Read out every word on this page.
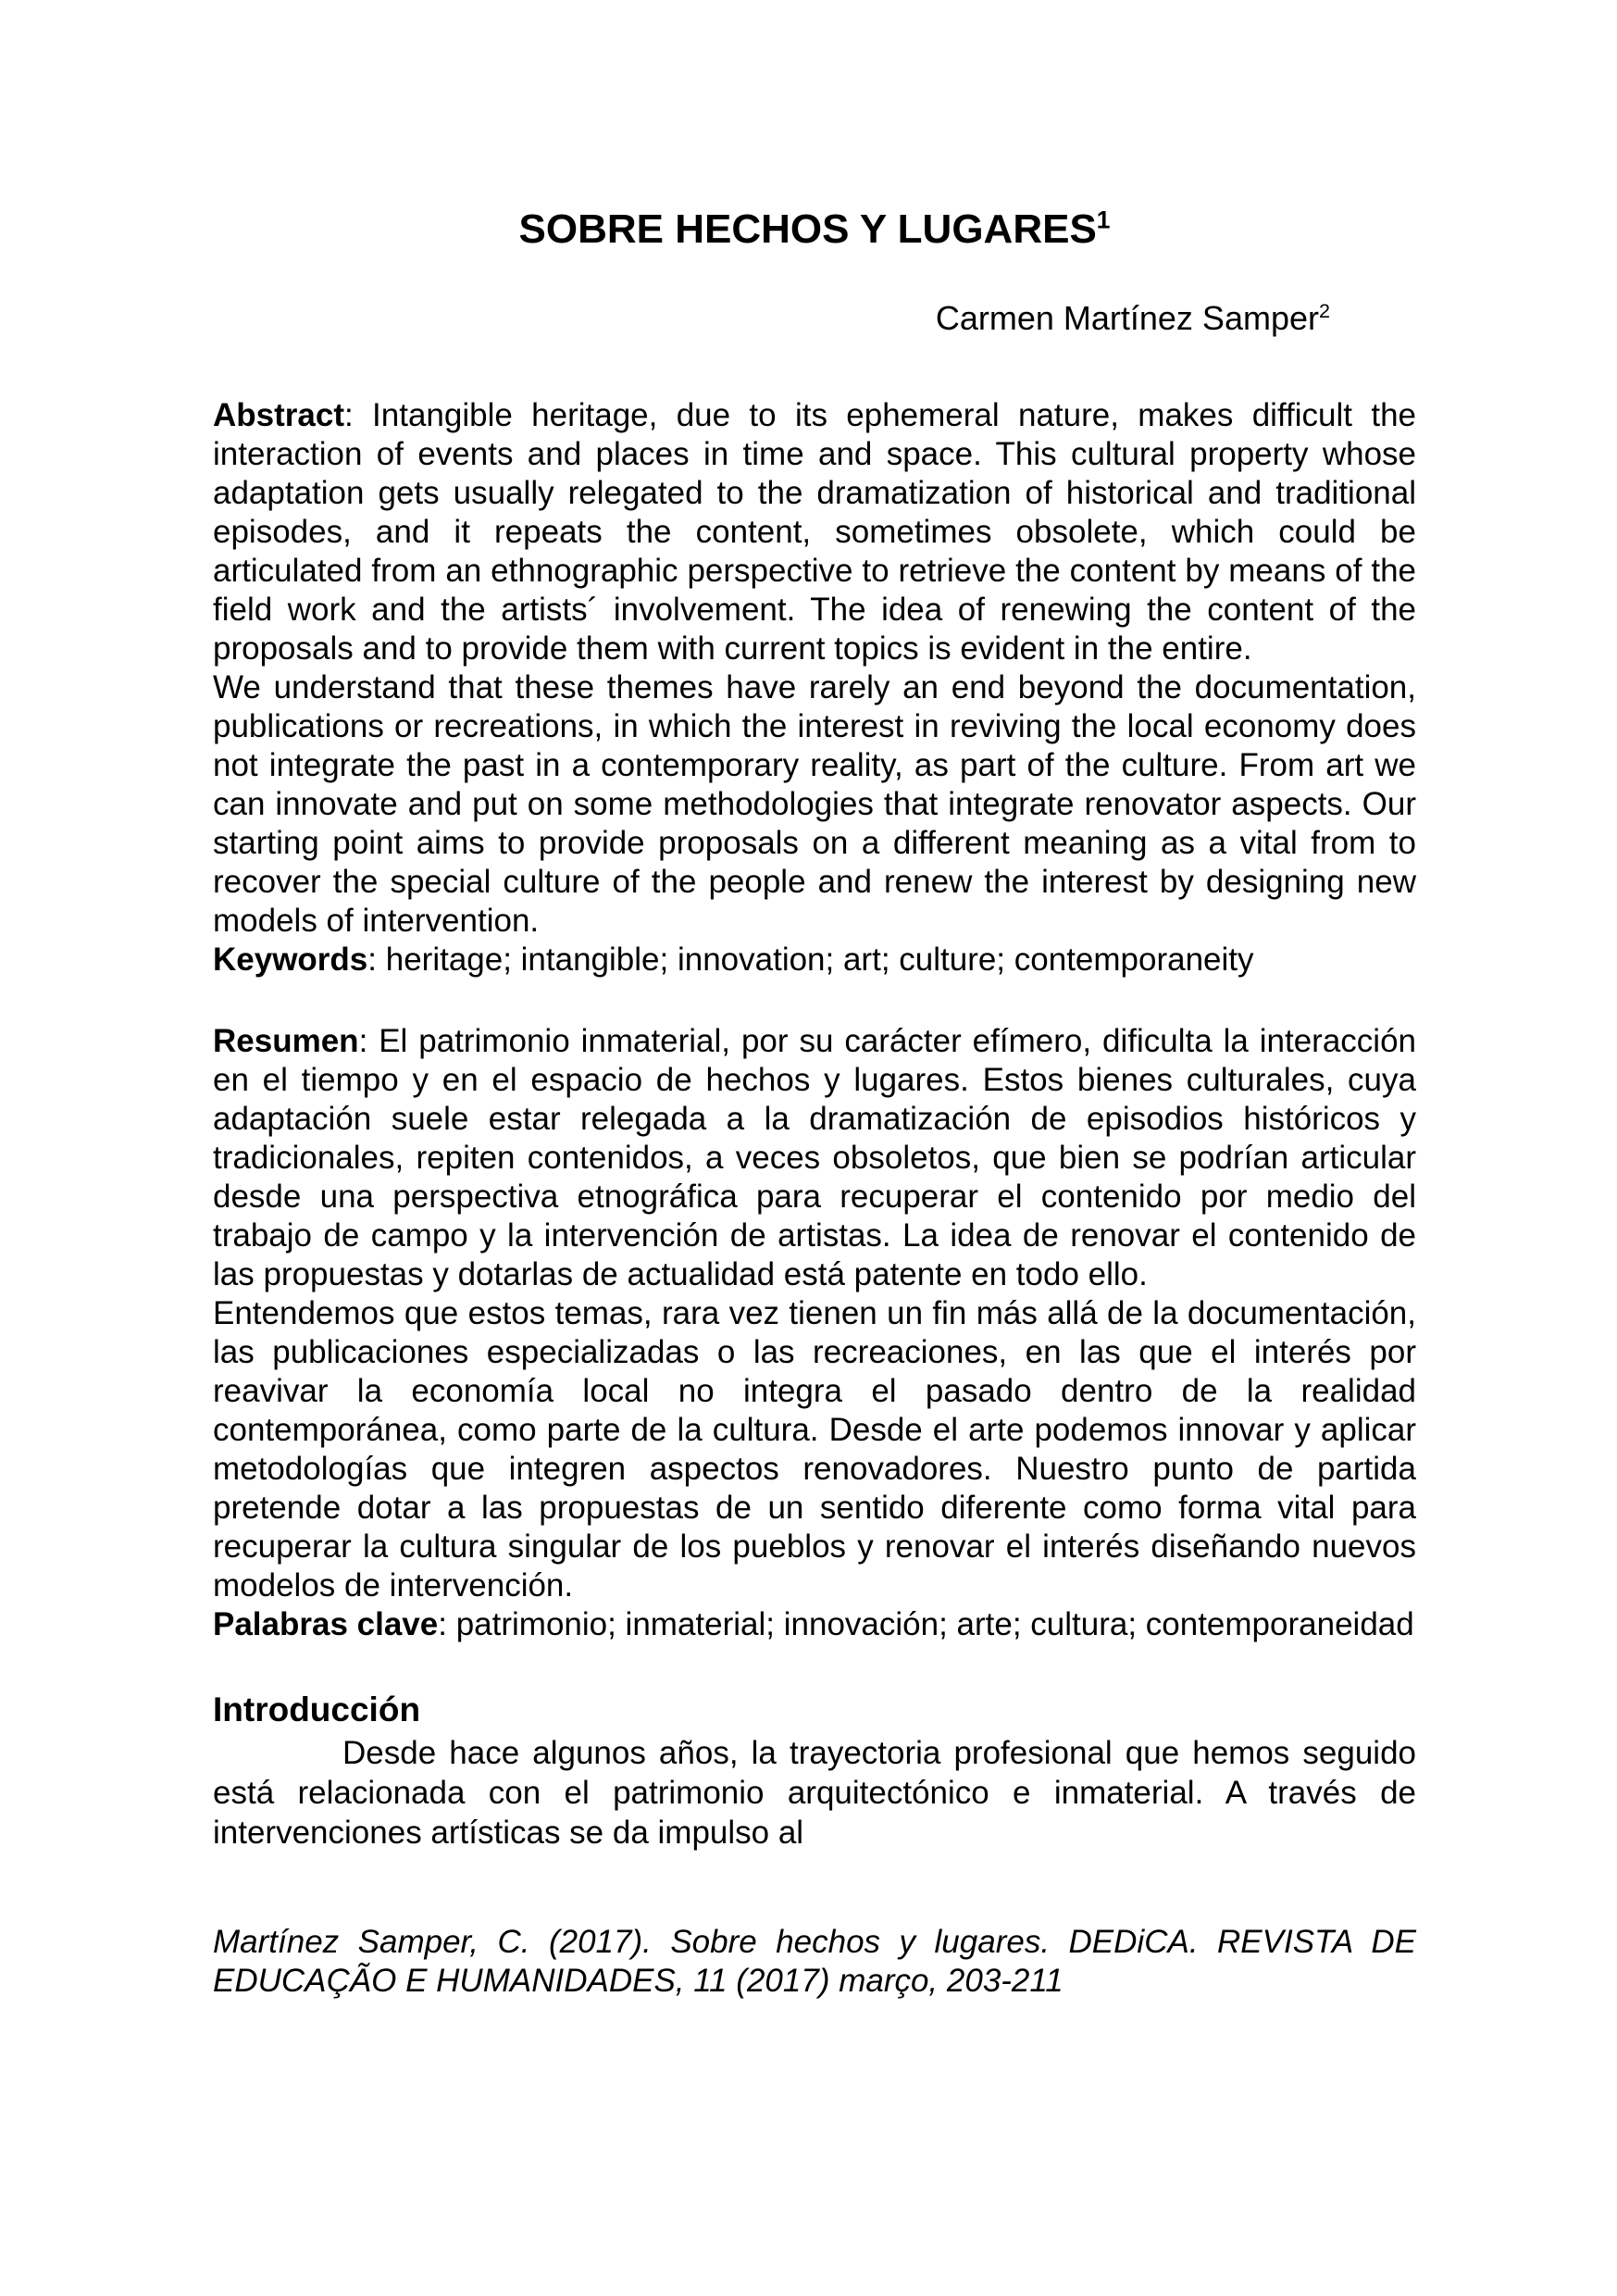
SOBRE HECHOS Y LUGARES$^1$
Carmen Martínez Samper$^2$

Abstract: Intangible heritage, due to its ephemeral nature, makes difficult the interaction of events and places in time and space. This cultural property whose adaptation gets usually relegated to the dramatization of historical and traditional episodes, and it repeats the content, sometimes obsolete, which could be articulated from an ethnographic perspective to retrieve the content by means of the field work and the artists´ involvement. The idea of renewing the content of the proposals and to provide them with current topics is evident in the entire.

We understand that these themes have rarely an end beyond the documentation, publications or recreations, in which the interest in reviving the local economy does not integrate the past in a contemporary reality, as part of the culture. From art we can innovate and put on some methodologies that integrate renovator aspects. Our starting point aims to provide proposals on a different meaning as a vital from to recover the special culture of the people and renew the interest by designing new models of intervention.

Keywords: heritage; intangible; innovation; art; culture; contemporaneity

Resumen: El patrimonio inmaterial, por su carácter efímero, dificulta la interacción en el tiempo y en el espacio de hechos y lugares. Estos bienes culturales, cuya adaptación suele estar relegada a la dramatización de episodios históricos y tradicionales, repiten contenidos, a veces obsoletos, que bien se podrían articular desde una perspectiva etnográfica para recuperar el contenido por medio del trabajo de campo y la intervención de artistas. La idea de renovar el contenido de las propuestas y dotarlas de actualidad está patente en todo ello.

Entendemos que estos temas, rara vez tienen un fin más allá de la documentación, las publicaciones especializadas o las recreaciones, en las que el interés por reavivar la economía local no integra el pasado dentro de la realidad contemporánea, como parte de la cultura. Desde el arte podemos innovar y aplicar metodologías que integren aspectos renovadores. Nuestro punto de partida pretende dotar a las propuestas de un sentido diferente como forma vital para recuperar la cultura singular de los pueblos y renovar el interés diseñando nuevos modelos de intervención.

Palabras clave: patrimonio; inmaterial; innovación; arte; cultura; contemporaneidad

Introducción

Desde hace algunos años, la trayectoria profesional que hemos seguido está relacionada con el patrimonio arquitectónico e inmaterial. A través de intervenciones artísticas se da impulso al

Martínez Samper, C. (2017). Sobre hechos y lugares. DEDiCA. REVISTA DE EDUCAÇÃO E HUMANIDADES, 11 (2017) março, 203-211
